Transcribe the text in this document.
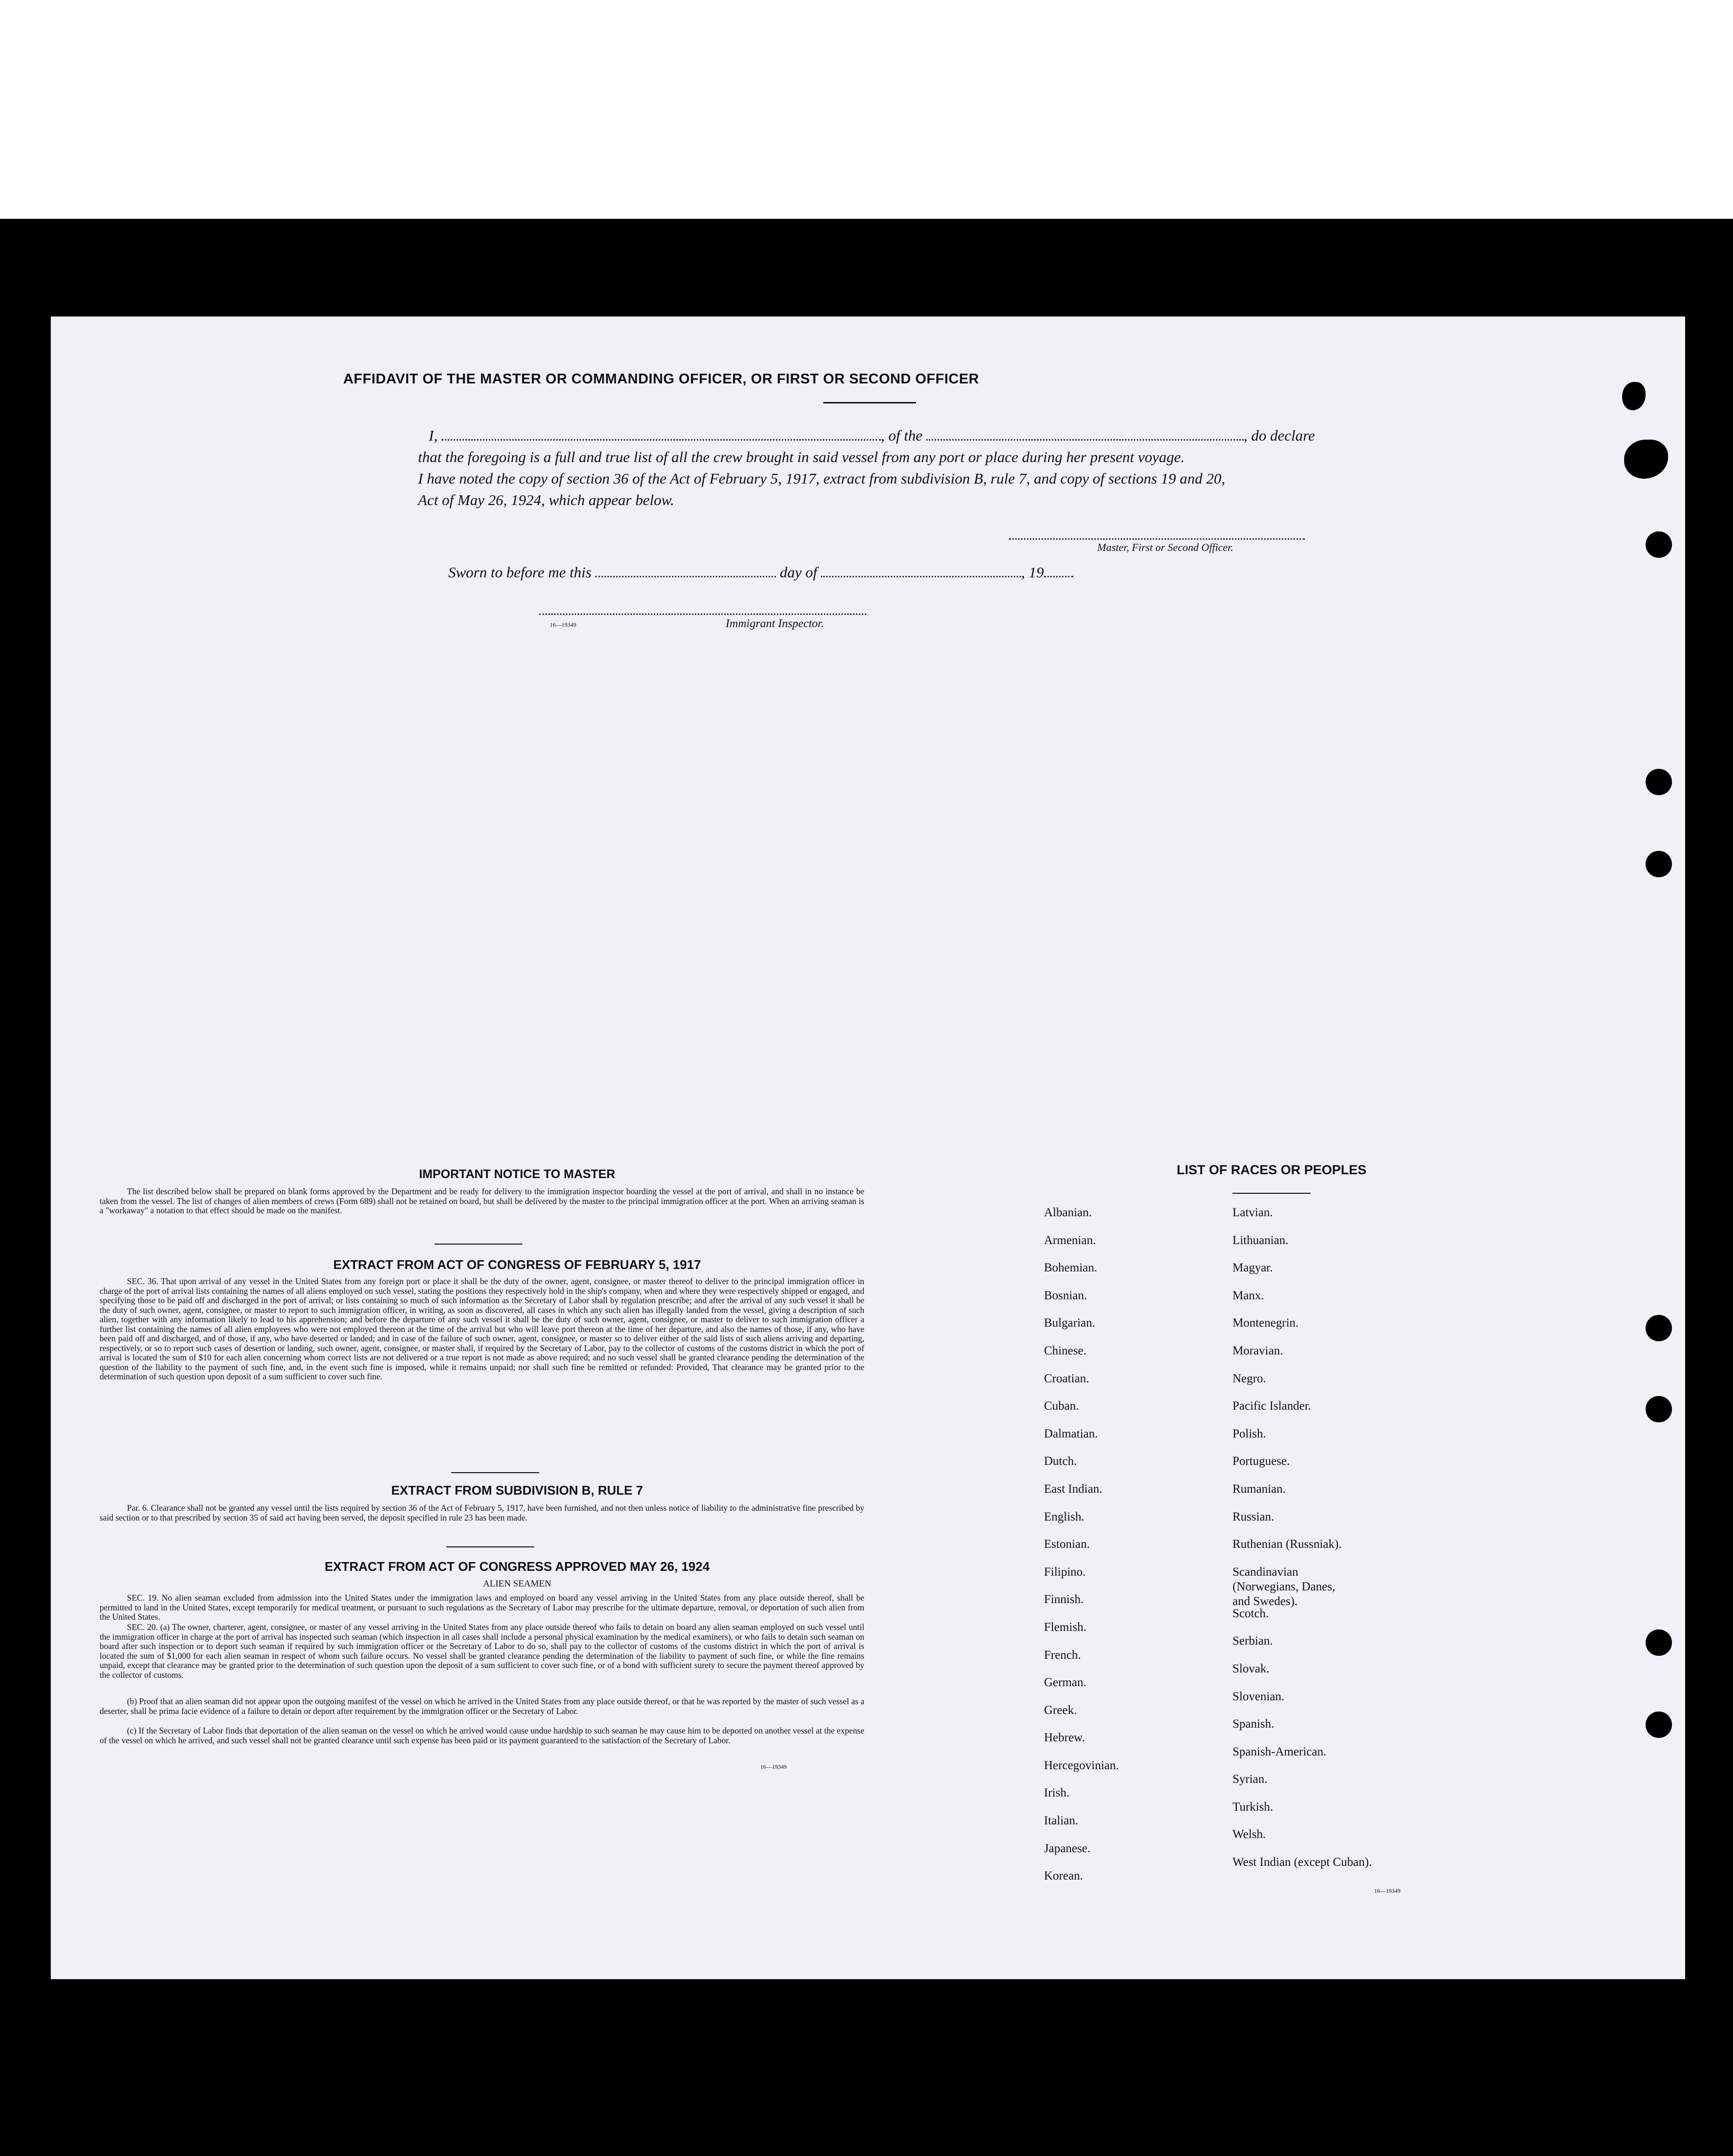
AFFIDAVIT OF THE MASTER OR COMMANDING OFFICER, OR FIRST OR SECOND OFFICER
I,	, of the	, do declare
that the foregoing is a full and true list of all the crew brought in said vessel from any port or place during her present voyage.
I have noted the copy of section 36 of the Act of February 5, 1917, extract from subdivision B, rule 7, and copy of sections 19 and 20,
Act of May 26, 1924, which appear below.
Master, First or Second Officer.
Sworn to before me this	day of	, 19
16—19349	Immigrant Inspector.
IMPORTANT NOTICE TO MASTER
The list described below shall be prepared on blank forms approved by the Department and be ready for delivery to the immigration inspector boarding the vessel at the port of arrival, and shall in no instance be taken from the vessel. The list of changes of alien members of crews (Form 689) shall not be retained on board, but shall be delivered by the master to the principal immigration officer at the port. When an arriving seaman is a "workaway" a notation to that effect should be made on the manifest.
EXTRACT FROM ACT OF CONGRESS OF FEBRUARY 5, 1917
SEC. 36. That upon arrival of any vessel in the United States from any foreign port or place it shall be the duty of the owner, agent, consignee, or master thereof to deliver to the principal immigration officer in charge of the port of arrival lists containing the names of all aliens employed on such vessel, stating the positions they respectively hold in the ship's company, when and where they were respectively shipped or engaged, and specifying those to be paid off and discharged in the port of arrival; or lists containing so much of such information as the Secretary of Labor shall by regulation prescribe; and after the arrival of any such vessel it shall be the duty of such owner, agent, consignee, or master to report to such immigration officer, in writing, as soon as discovered, all cases in which any such alien has illegally landed from the vessel, giving a description of such alien, together with any information likely to lead to his apprehension; and before the departure of any such vessel it shall be the duty of such owner, agent, consignee, or master to deliver to such immigration officer a further list containing the names of all alien employees who were not employed thereon at the time of the arrival but who will leave port thereon at the time of her departure, and also the names of those, if any, who have been paid off and discharged, and of those, if any, who have deserted or landed; and in case of the failure of such owner, agent, consignee, or master so to deliver either of the said lists of such aliens arriving and departing, respectively, or so to report such cases of desertion or landing, such owner, agent, consignee, or master shall, if required by the Secretary of Labor, pay to the collector of customs of the customs district in which the port of arrival is located the sum of $10 for each alien concerning whom correct lists are not delivered or a true report is not made as above required; and no such vessel shall be granted clearance pending the determination of the question of the liability to the payment of such fine, and, in the event such fine is imposed, while it remains unpaid; nor shall such fine be remitted or refunded: Provided, That clearance may be granted prior to the determination of such question upon deposit of a sum sufficient to cover such fine.
EXTRACT FROM SUBDIVISION B, RULE 7
Par. 6. Clearance shall not be granted any vessel until the lists required by section 36 of the Act of February 5, 1917, have been furnished, and not then unless notice of liability to the administrative fine prescribed by said section or to that prescribed by section 35 of said act having been served, the deposit specified in rule 23 has been made.
EXTRACT FROM ACT OF CONGRESS APPROVED MAY 26, 1924
ALIEN SEAMEN
SEC. 19. No alien seaman excluded from admission into the United States under the immigration laws and employed on board any vessel arriving in the United States from any place outside thereof, shall be permitted to land in the United States, except temporarily for medical treatment, or pursuant to such regulations as the Secretary of Labor may prescribe for the ultimate departure, removal, or deportation of such alien from the United States.
SEC. 20. (a) The owner, charterer, agent, consignee, or master of any vessel arriving in the United States from any place outside thereof who fails to detain on board any alien seaman employed on such vessel until the immigration officer in charge at the port of arrival has inspected such seaman (which inspection in all cases shall include a personal physical examination by the medical examiners), or who fails to detain such seaman on board after such inspection or to deport such seaman if required by such immigration officer or the Secretary of Labor to do so, shall pay to the collector of customs of the customs district in which the port of arrival is located the sum of $1,000 for each alien seaman in respect of whom such failure occurs. No vessel shall be granted clearance pending the determination of the liability to payment of such fine, or while the fine remains unpaid, except that clearance may be granted prior to the determination of such question upon the deposit of a sum sufficient to cover such fine, or of a bond with sufficient surety to secure the payment thereof approved by the collector of customs.
(b) Proof that an alien seaman did not appear upon the outgoing manifest of the vessel on which he arrived in the United States from any place outside thereof, or that he was reported by the master of such vessel as a deserter, shall be prima facie evidence of a failure to detain or deport after requirement by the immigration officer or the Secretary of Labor.
(c) If the Secretary of Labor finds that deportation of the alien seaman on the vessel on which he arrived would cause undue hardship to such seaman he may cause him to be deported on another vessel at the expense of the vessel on which he arrived, and such vessel shall not be granted clearance until such expense has been paid or its payment guaranteed to the satisfaction of the Secretary of Labor.
16—19349
LIST OF RACES OR PEOPLES
Albanian.
Armenian.
Bohemian.
Bosnian.
Bulgarian.
Chinese.
Croatian.
Cuban.
Dalmatian.
Dutch.
East Indian.
English.
Estonian.
Filipino.
Finnish.
Flemish.
French.
German.
Greek.
Hebrew.
Hercegovinian.
Irish.
Italian.
Japanese.
Korean.
Latvian.
Lithuanian.
Magyar.
Manx.
Montenegrin.
Moravian.
Negro.
Pacific Islander.
Polish.
Portuguese.
Rumanian.
Russian.
Ruthenian (Russniak).
Scandinavian (Norwegians, Danes, and Swedes).
Scotch.
Serbian.
Slovak.
Slovenian.
Spanish.
Spanish-American.
Syrian.
Turkish.
Welsh.
West Indian (except Cuban).
16—19349
